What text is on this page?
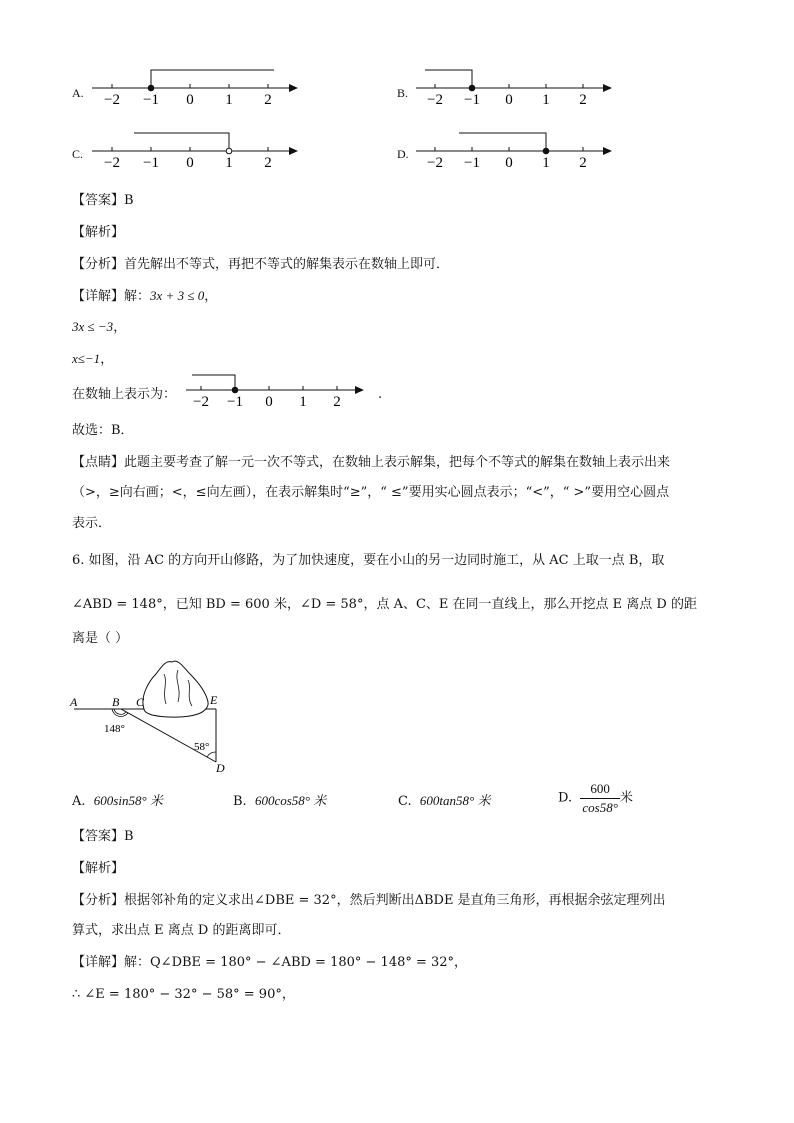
A. −2 −1 0 1 2	B. −2 −1 0 1 2
C.
−2 −1 0 1 2
D.
−2 −1 0 1 2
【答案】B
【解析】
【分析】首先解出不等式，再把不等式的解集表示在数轴上即可．
【详解】解：3x + 3 ≤ 0，
3x ≤ −3，
x≤−1，
在数轴上表示为： −2 −1 0 1 2	.
故选：B．
【点睛】此题主要考查了解一元一次不等式，在数轴上表示解集，把每个不等式的解集在数轴上表示出来
（>，≥向右画；<，≤向左画），在表示解集时“≥”，“ ≤”要用实心圆点表示；“<”，“ >”要用空心圆点
表示．
6. 如图，沿 AC 的方向开山修路，为了加快速度，要在小山的另一边同时施工，从 AC 上取一点 B，取
∠ABD = 148°，已知 BD = 600 米，∠D = 58°，点 A、C、E 在同一直线上，那么开挖点 E 离点 D 的距
离是（ ）
A	B C	E
D
148°
58°
A. 600sin58° 米	B. 600cos58° 米	C. 600tan58° 米	D. $\frac{600}{\cos 58^\circ}$ 米
【答案】B
【解析】
【分析】根据邻补角的定义求出∠DBE = 32°，然后判断出ΔBDE 是直角三角形，再根据余弦定理列出
算式，求出点 E 离点 D 的距离即可．
【详解】解：Q∠DBE = 180° − ∠ABD = 180° − 148° = 32°，
∴ ∠E = 180° − 32° − 58° = 90°，
